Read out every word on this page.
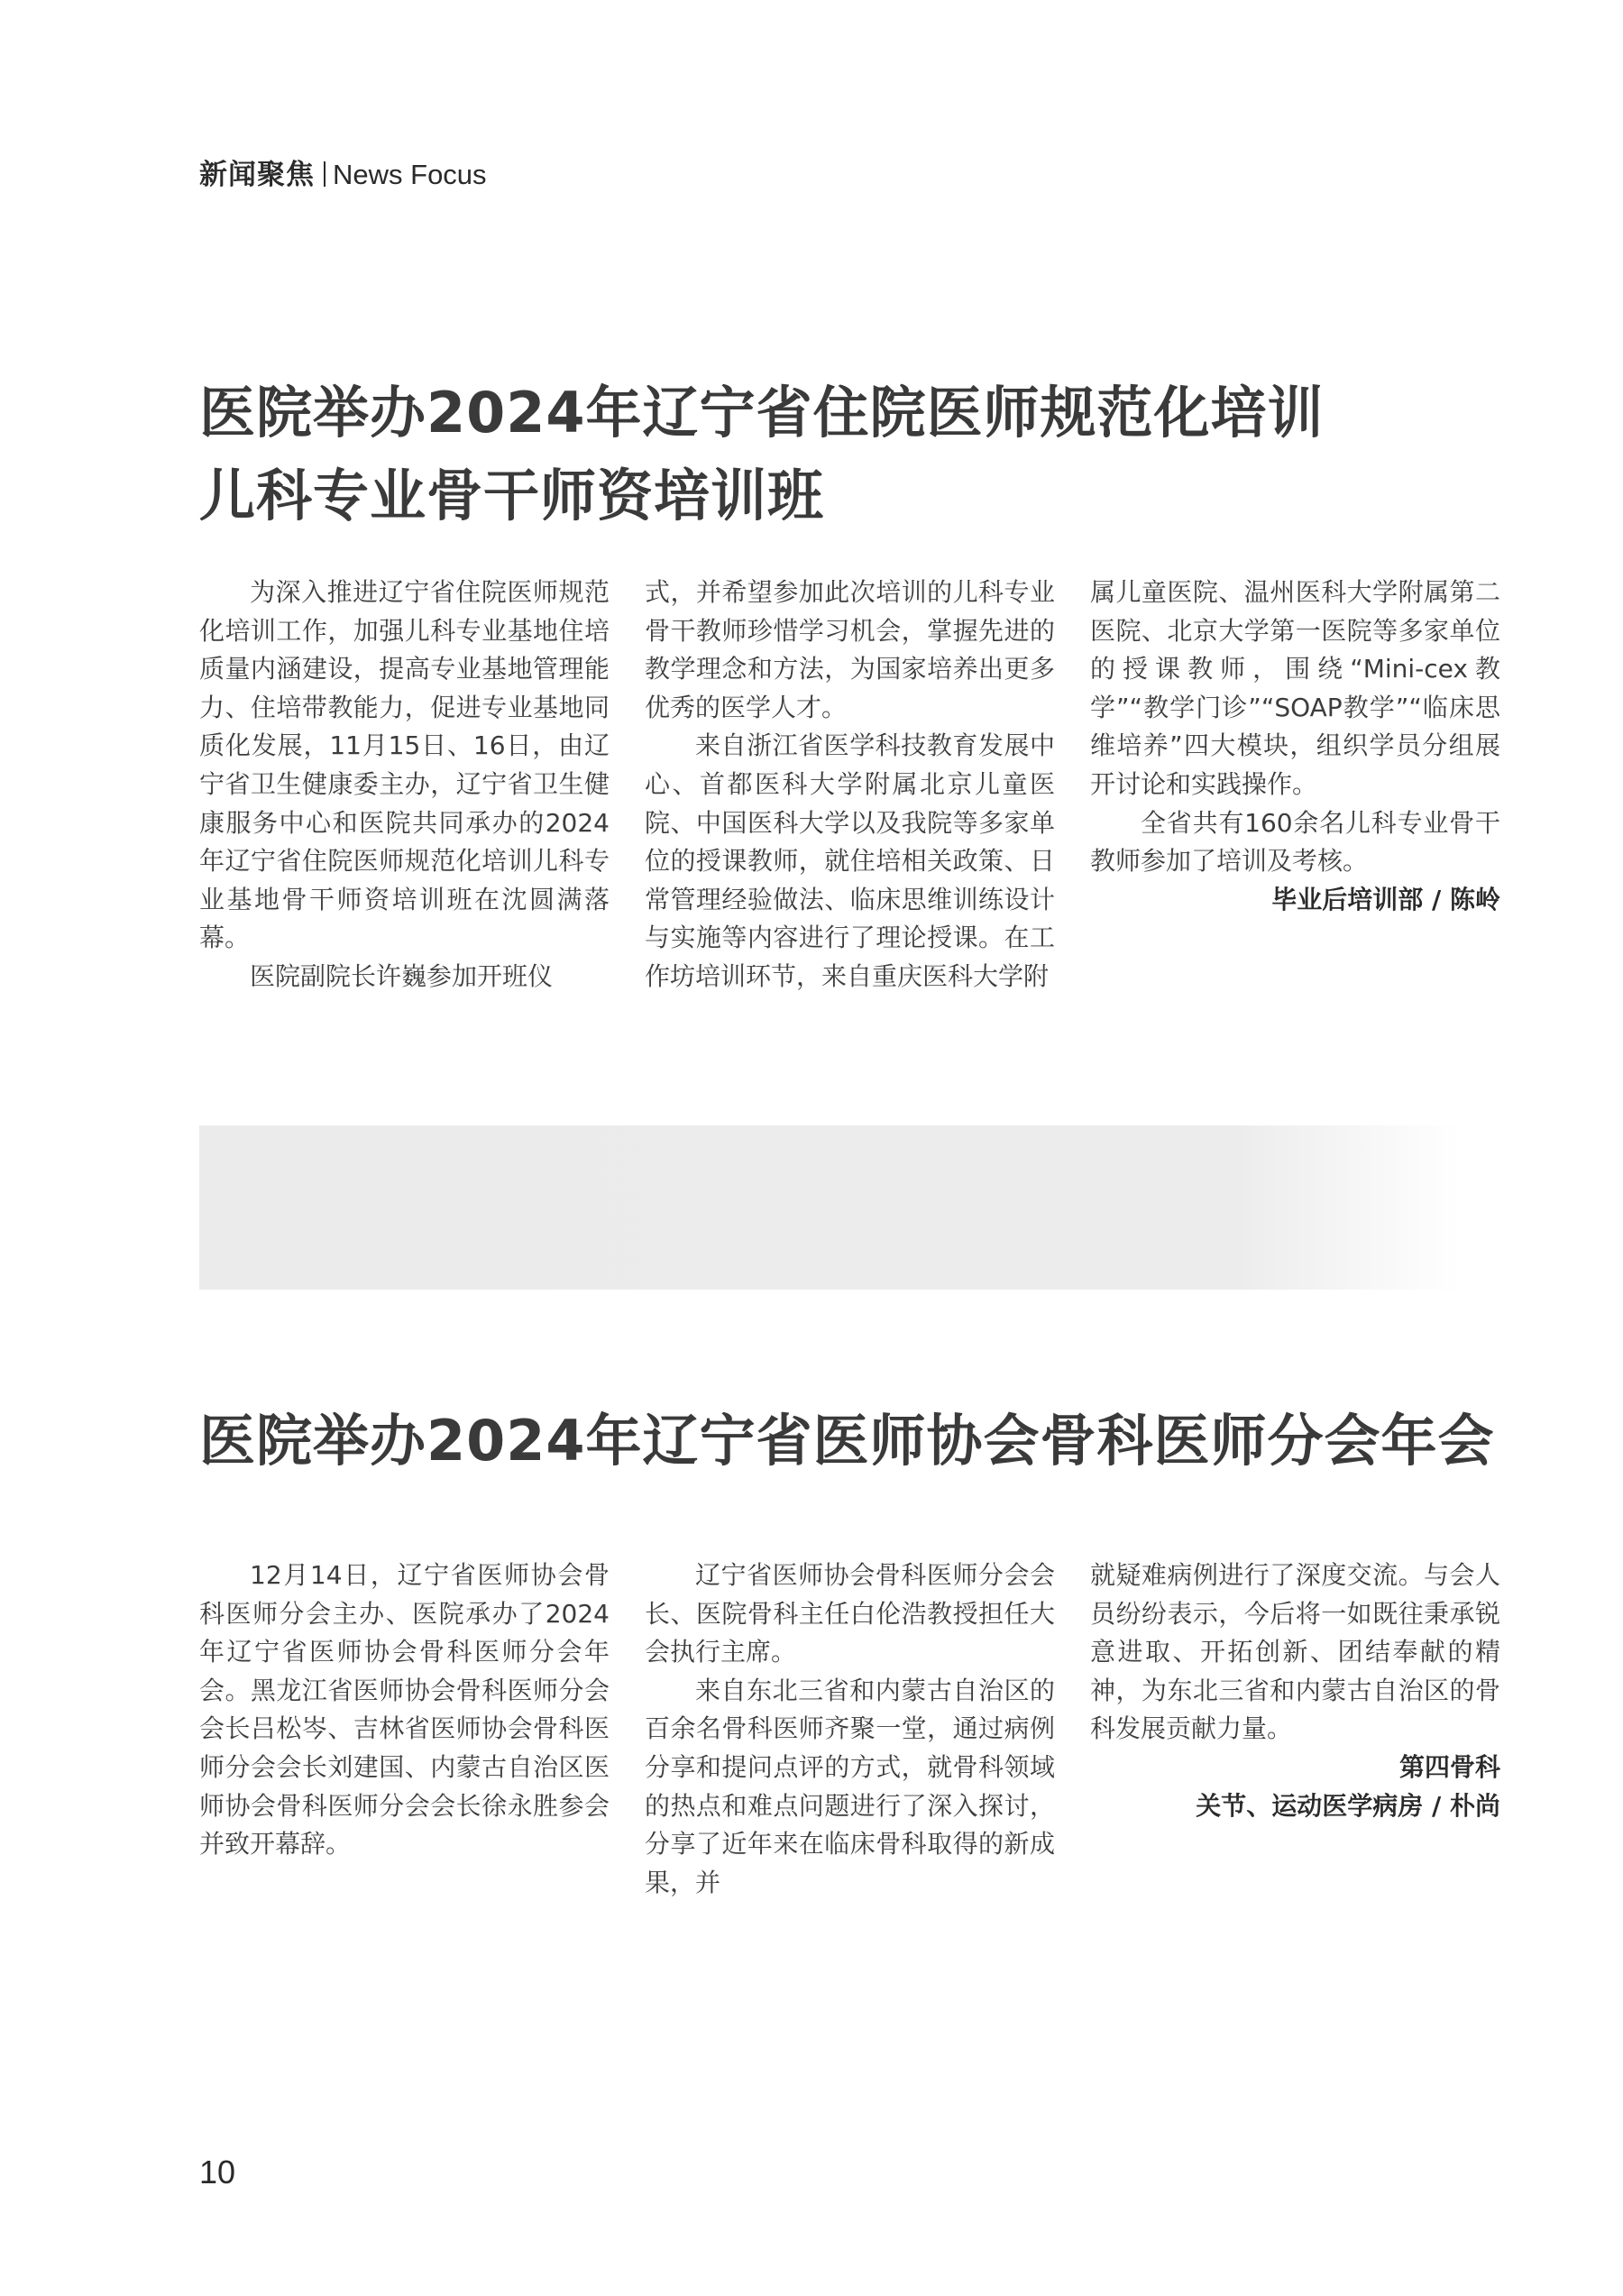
新闻聚焦 News Focus
医院举办2024年辽宁省住院医师规范化培训
儿科专业骨干师资培训班

为深入推进辽宁省住院医师规范化培训工作，加强儿科专业基地住培质量内涵建设，提高专业基地管理能力、住培带教能力，促进专业基地同质化发展，11月15日、16日，由辽宁省卫生健康委主办，辽宁省卫生健康服务中心和医院共同承办的2024年辽宁省住院医师规范化培训儿科专业基地骨干师资培训班在沈圆满落幕。

医院副院长许巍参加开班仪

式，并希望参加此次培训的儿科专业骨干教师珍惜学习机会，掌握先进的教学理念和方法，为国家培养出更多优秀的医学人才。

来自浙江省医学科技教育发展中心、首都医科大学附属北京儿童医院、中国医科大学以及我院等多家单位的授课教师，就住培相关政策、日常管理经验做法、临床思维训练设计与实施等内容进行了理论授课。在工作坊培训环节，来自重庆医科大学附

属儿童医院、温州医科大学附属第二医院、北京大学第一医院等多家单位的授课教师，围绕“Mini-cex教学”“教学门诊”“SOAP教学”“临床思维培养”四大模块，组织学员分组展开讨论和实践操作。

全省共有160余名儿科专业骨干教师参加了培训及考核。

毕业后培训部 / 陈岭
医院举办2024年辽宁省医师协会骨科医师分会年会

12月14日，辽宁省医师协会骨科医师分会主办、医院承办了2024年辽宁省医师协会骨科医师分会年会。黑龙江省医师协会骨科医师分会会长吕松岑、吉林省医师协会骨科医师分会会长刘建国、内蒙古自治区医师协会骨科医师分会会长徐永胜参会并致开幕辞。

辽宁省医师协会骨科医师分会会长、医院骨科主任白伦浩教授担任大会执行主席。

来自东北三省和内蒙古自治区的百余名骨科医师齐聚一堂，通过病例分享和提问点评的方式，就骨科领域的热点和难点问题进行了深入探讨，分享了近年来在临床骨科取得的新成果，并

就疑难病例进行了深度交流。与会人员纷纷表示，今后将一如既往秉承锐意进取、开拓创新、团结奉献的精神，为东北三省和内蒙古自治区的骨科发展贡献力量。

第四骨科
关节、运动医学病房 / 朴尚
10
